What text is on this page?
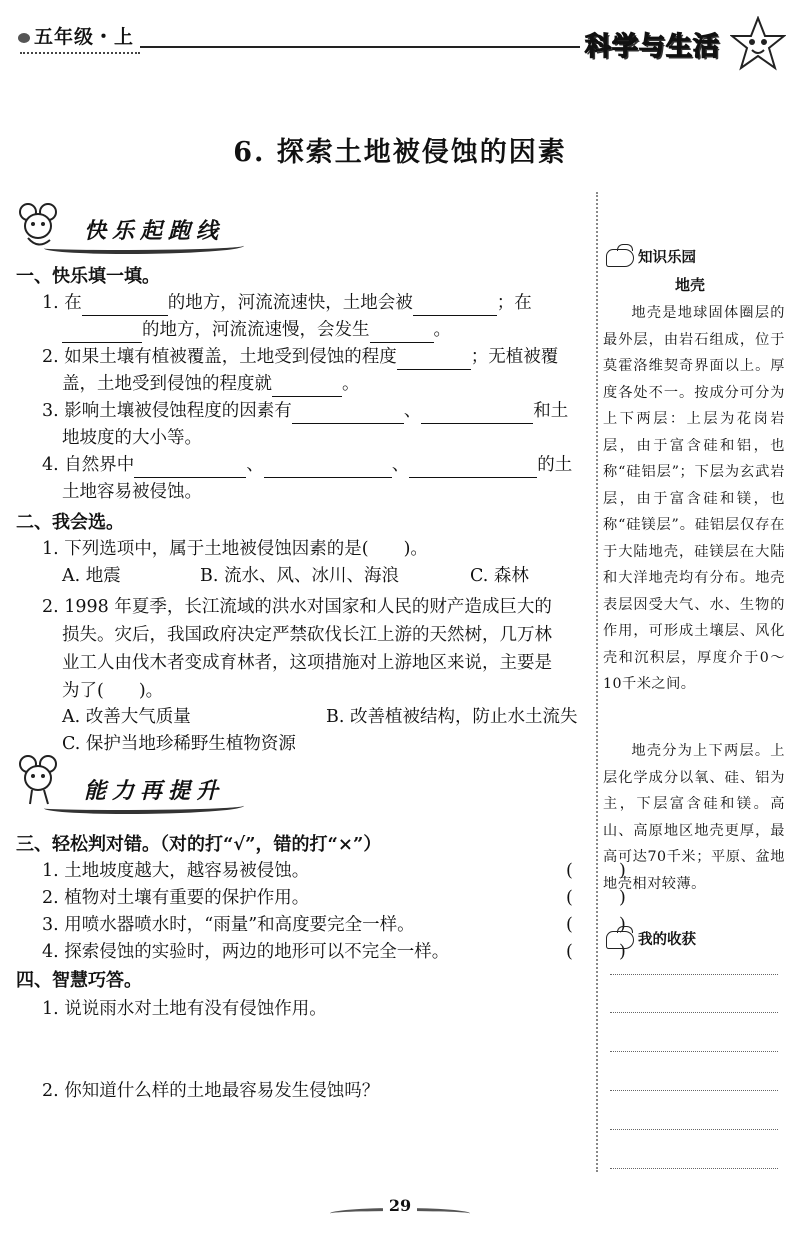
五年级・上	科学与生活
6. 探索土地被侵蚀的因素
快乐起跑线
一、快乐填一填。
1. 在	的地方，河流流速快，土地会被	；在
的地方，河流流速慢，会发生	。
2. 如果土壤有植被覆盖，土地受到侵蚀的程度	；无植被覆
盖，土地受到侵蚀的程度就	。
3. 影响土壤被侵蚀程度的因素有	、	和土
地坡度的大小等。
4. 自然界中	、	、	的土
土地容易被侵蚀。
二、我会选。
1. 下列选项中，属于土地被侵蚀因素的是(　　)。
A. 地震	B. 流水、风、冰川、海浪	C. 森林
2. 1998 年夏季，长江流域的洪水对国家和人民的财产造成巨大的
损失。灾后，我国政府决定严禁砍伐长江上游的天然树，几万林
业工人由伐木者变成育林者，这项措施对上游地区来说，主要是
为了(　　)。
A. 改善大气质量	B. 改善植被结构，防止水土流失
C. 保护当地珍稀野生植物资源
能力再提升
三、轻松判对错。（对的打“√”，错的打“×”）
1. 土地坡度越大，越容易被侵蚀。	(	)
2. 植物对土壤有重要的保护作用。	(	)
3. 用喷水器喷水时，“雨量”和高度要完全一样。	(	)
4. 探索侵蚀的实验时，两边的地形可以不完全一样。	(	)
四、智慧巧答。
1. 说说雨水对土地有没有侵蚀作用。
2. 你知道什么样的土地最容易发生侵蚀吗？
知识乐园
地壳
地壳是地球固体圈层的最外层，由岩石组成，位于莫霍洛维契奇界面以上。厚度各处不一。按成分可分为上下两层：上层为花岗岩层，由于富含硅和铝，也称“硅铝层”；下层为玄武岩层，由于富含硅和镁，也称“硅镁层”。硅铝层仅存在于大陆地壳，硅镁层在大陆和大洋地壳均有分布。地壳表层因受大气、水、生物的作用，可形成土壤层、风化壳和沉积层，厚度介于0～10千米之间。
地壳分为上下两层。上层化学成分以氧、硅、铝为主，下层富含硅和镁。高山、高原地区地壳更厚，最高可达70千米；平原、盆地地壳相对较薄。
我的收获
29
